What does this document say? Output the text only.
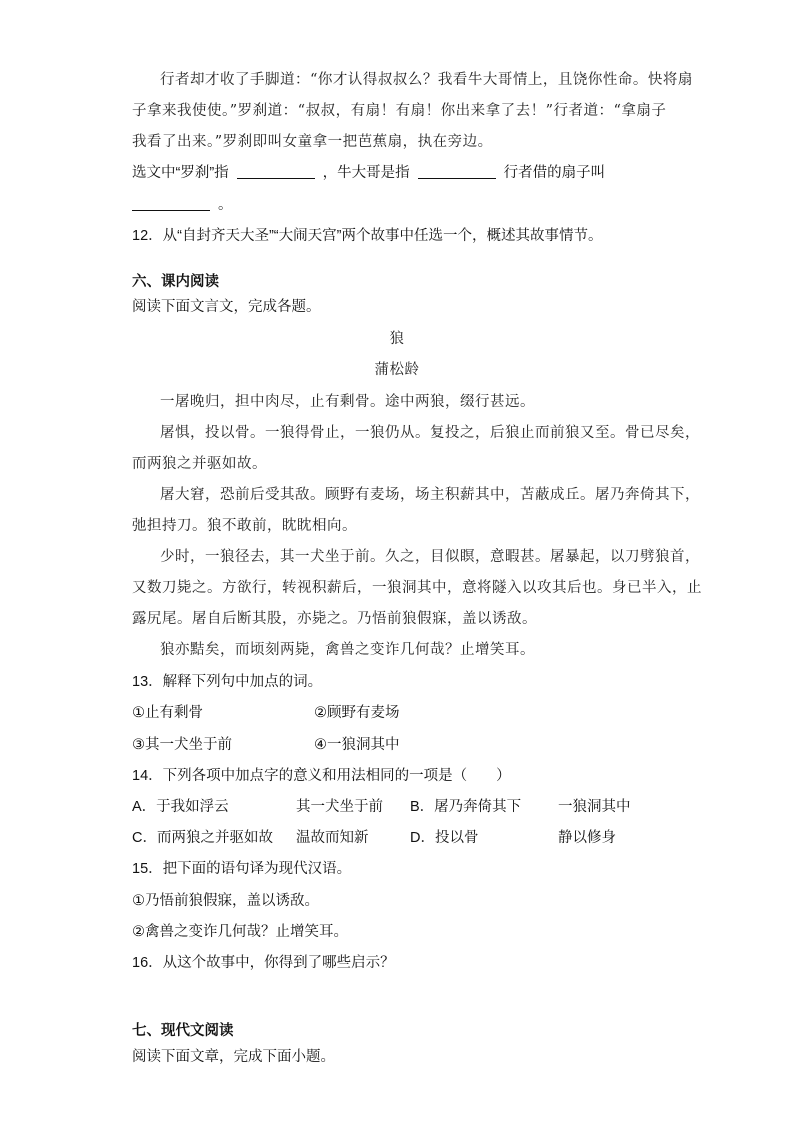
行者却才收了手脚道：“你才认得叔叔么？我看牛大哥情上，且饶你性命。快将扇
子拿来我使使。”罗刹道：“叔叔，有扇！有扇！你出来拿了去！”行者道：“拿扇子
我看了出来。”罗刹即叫女童拿一把芭蕉扇，执在旁边。
选文中“罗刹”指	，牛大哥是指	行者借的扇子叫
。
12．从“自封齐天大圣”“大闹天宫”两个故事中任选一个，概述其故事情节。
六、课内阅读
阅读下面文言文，完成各题。
狼
蒲松龄
一屠晚归，担中肉尽，止有剩骨。途中两狼，缀行甚远。
屠惧，投以骨。一狼得骨止，一狼仍从。复投之，后狼止而前狼又至。骨已尽矣，
而两狼之并驱如故。
屠大窘，恐前后受其敌。顾野有麦场，场主积薪其中，苫蔽成丘。屠乃奔倚其下，
弛担持刀。狼不敢前，眈眈相向。
少时，一狼径去，其一犬坐于前。久之，目似瞑，意暇甚。屠暴起，以刀劈狼首，
又数刀毙之。方欲行，转视积薪后，一狼洞其中，意将隧入以攻其后也。身已半入，止
露尻尾。屠自后断其股，亦毙之。乃悟前狼假寐，盖以诱敌。
狼亦黠矣，而顷刻两毙，禽兽之变诈几何哉？止增笑耳。
13．解释下列句中加点的词。
①止有剩骨	②顾野有麦场
③其一犬坐于前	④一狼洞其中
14．下列各项中加点字的意义和用法相同的一项是（　　）
A．于我如浮云	其一犬坐于前 B．屠乃奔倚其下	一狼洞其中
C．而两狼之并驱如故 温故而知新	D．投以骨	静以修身
15．把下面的语句译为现代汉语。
①乃悟前狼假寐，盖以诱敌。
②禽兽之变诈几何哉？止增笑耳。
16．从这个故事中，你得到了哪些启示？
七、现代文阅读
阅读下面文章，完成下面小题。
